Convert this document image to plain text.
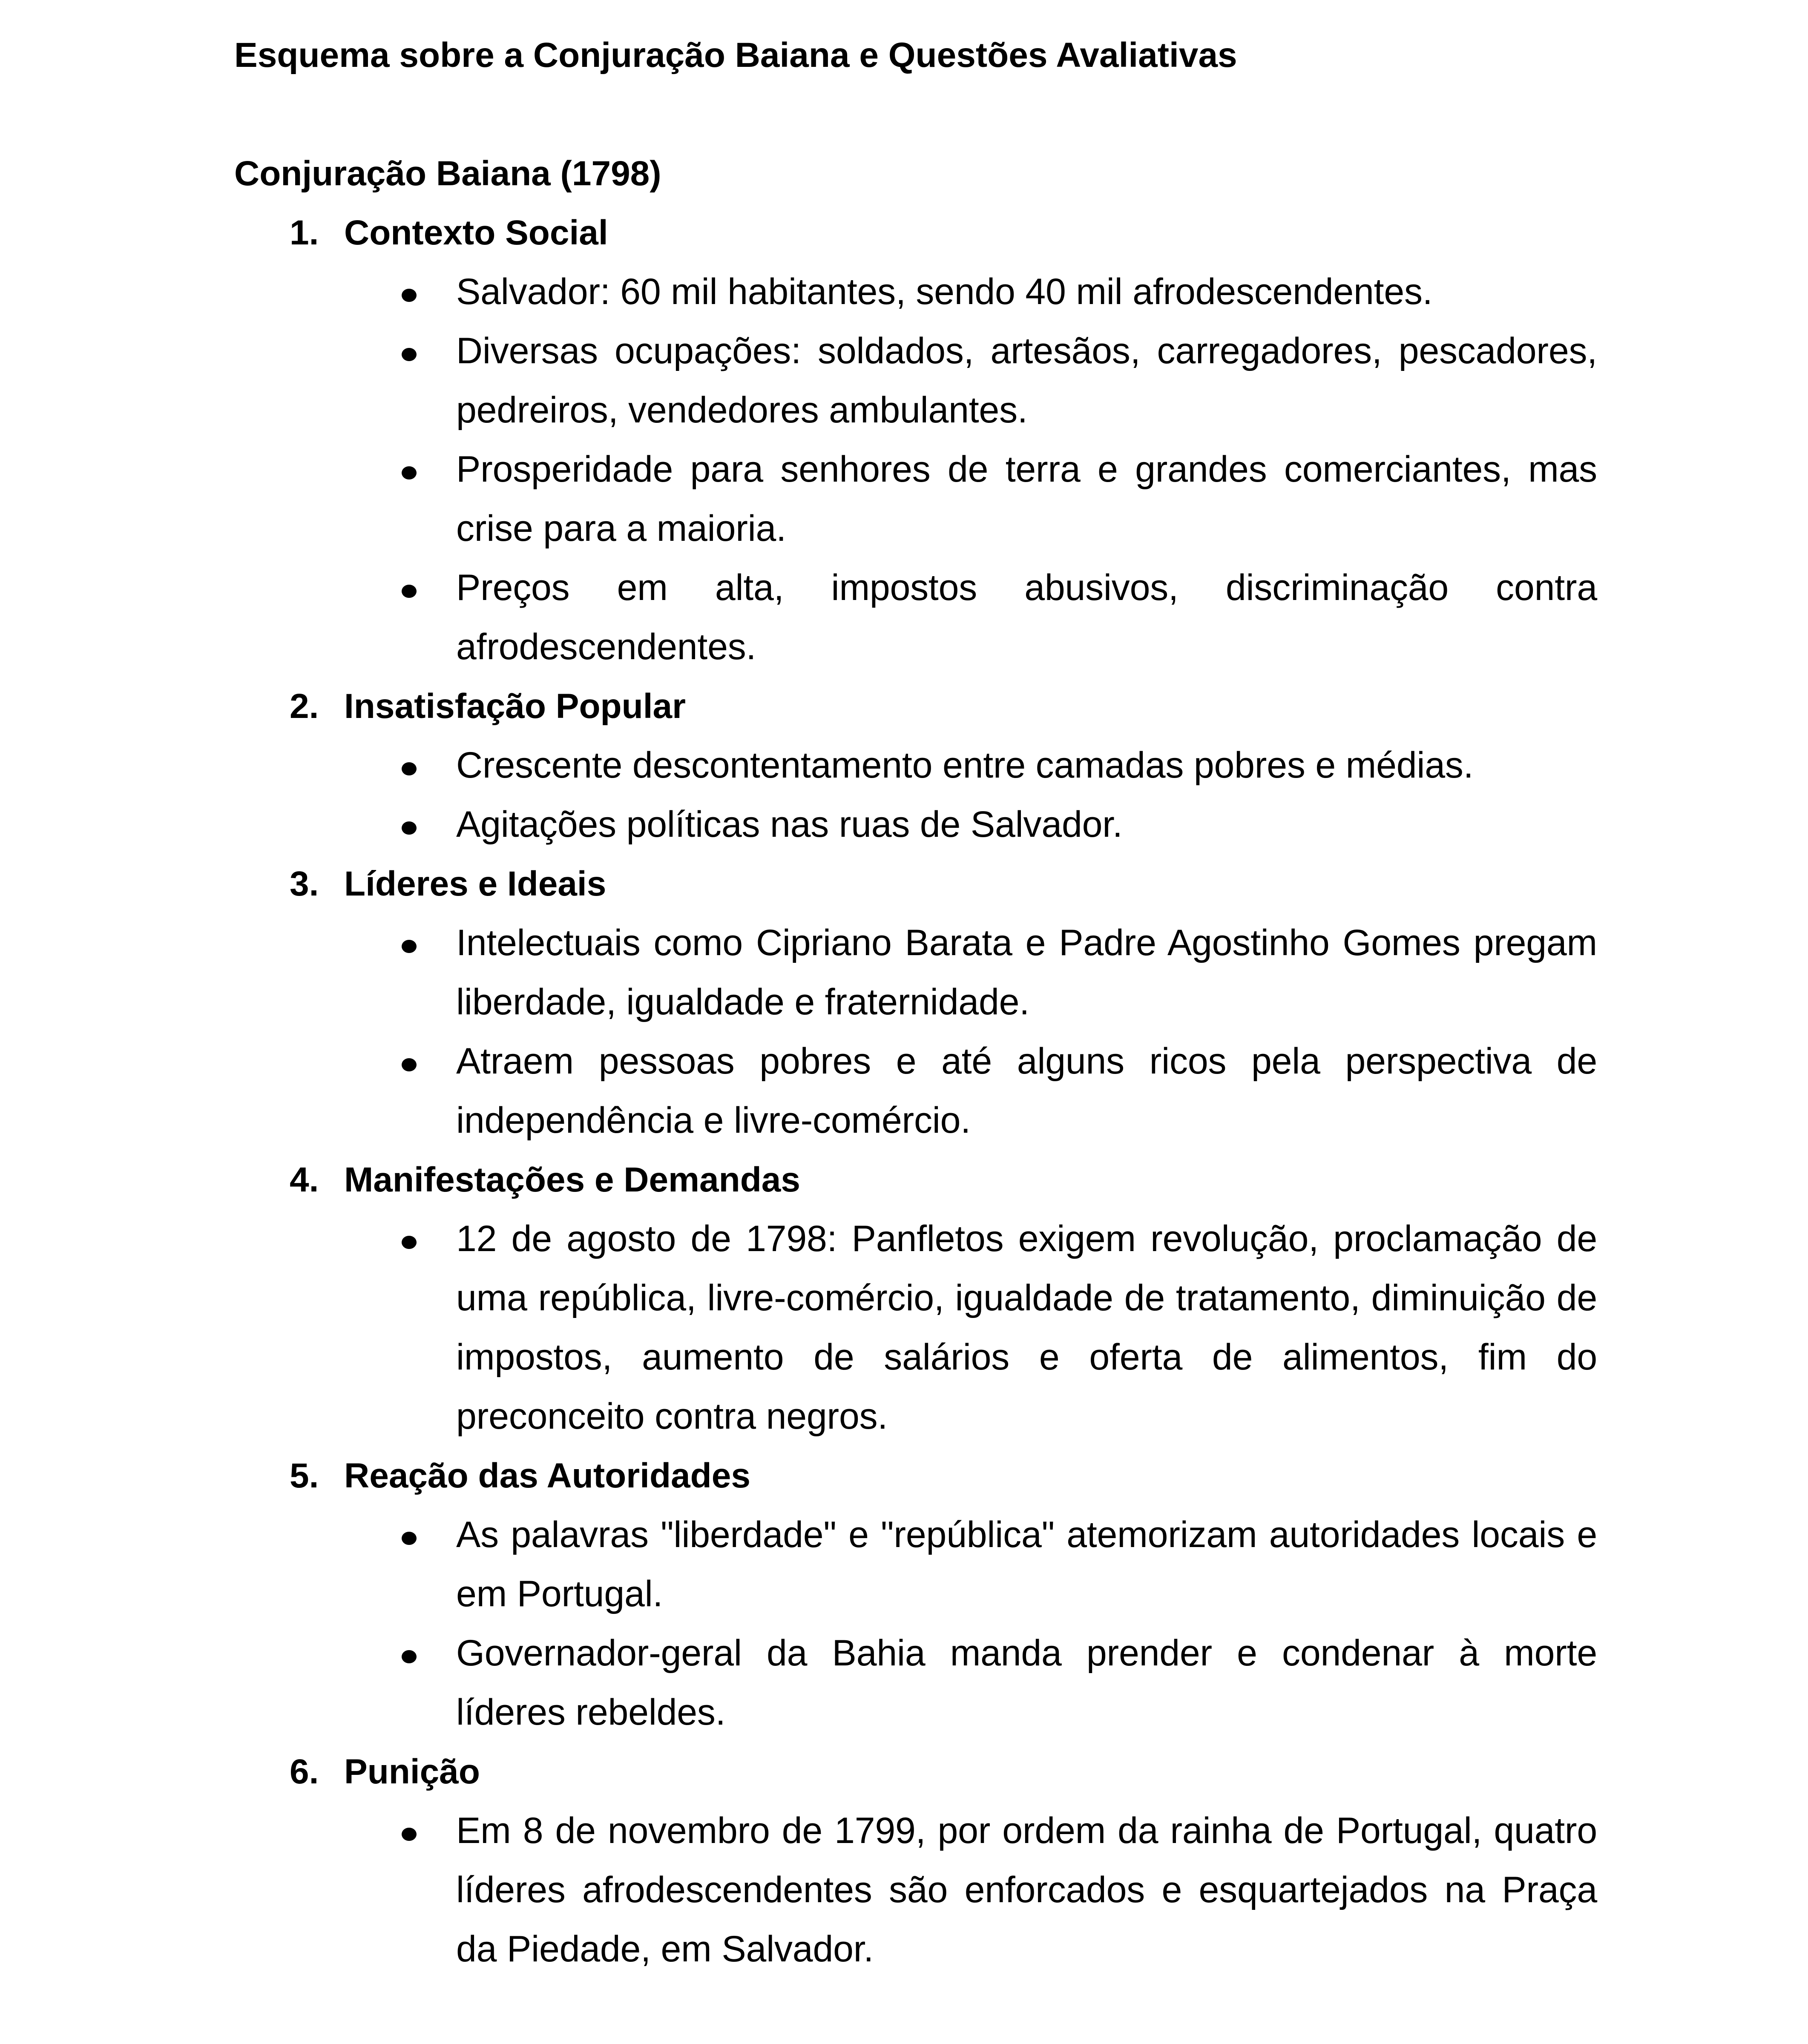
Esquema sobre a Conjuração Baiana e Questões Avaliativas
Conjuração Baiana (1798)
1. Contexto Social

Salvador: 60 mil habitantes, sendo 40 mil afrodescendentes.

Diversas ocupações: soldados, artesãos, carregadores, pescadores, pedreiros, vendedores ambulantes.

Prosperidade para senhores de terra e grandes comerciantes, mas crise para a maioria.

Preços em alta, impostos abusivos, discriminação contra afrodescendentes.

2. Insatisfação Popular

Crescente descontentamento entre camadas pobres e médias.

Agitações políticas nas ruas de Salvador.

3. Líderes e Ideais

Intelectuais como Cipriano Barata e Padre Agostinho Gomes pregam liberdade, igualdade e fraternidade.

Atraem pessoas pobres e até alguns ricos pela perspectiva de independência e livre-comércio.

4. Manifestações e Demandas

12 de agosto de 1798: Panfletos exigem revolução, proclamação de uma república, livre-comércio, igualdade de tratamento, diminuição de impostos, aumento de salários e oferta de alimentos, fim do preconceito contra negros.

5. Reação das Autoridades

As palavras "liberdade" e "república" atemorizam autoridades locais e em Portugal.

Governador-geral da Bahia manda prender e condenar à morte líderes rebeldes.

6. Punição

Em 8 de novembro de 1799, por ordem da rainha de Portugal, quatro líderes afrodescendentes são enforcados e esquartejados na Praça da Piedade, em Salvador.
